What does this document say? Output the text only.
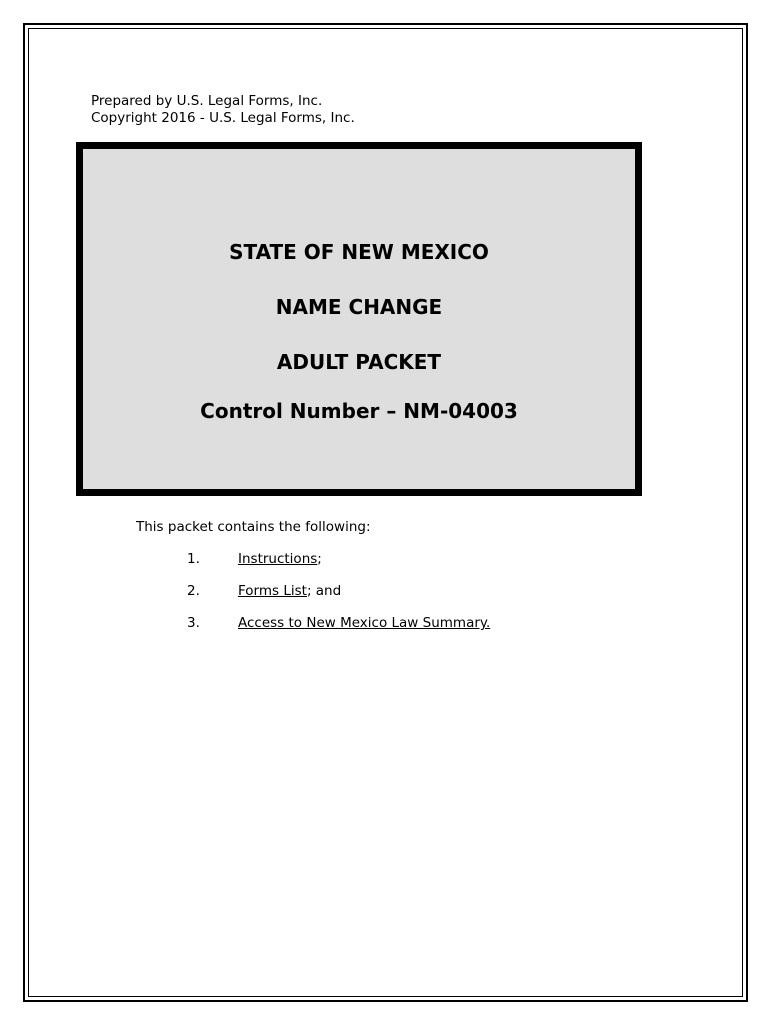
Prepared by U.S. Legal Forms, Inc.
Copyright 2016 - U.S. Legal Forms, Inc.
STATE OF NEW MEXICO
NAME CHANGE
ADULT PACKET
Control Number – NM-04003
This packet contains the following:
1.	Instructions;
2.	Forms List; and
3.	Access to New Mexico Law Summary.
